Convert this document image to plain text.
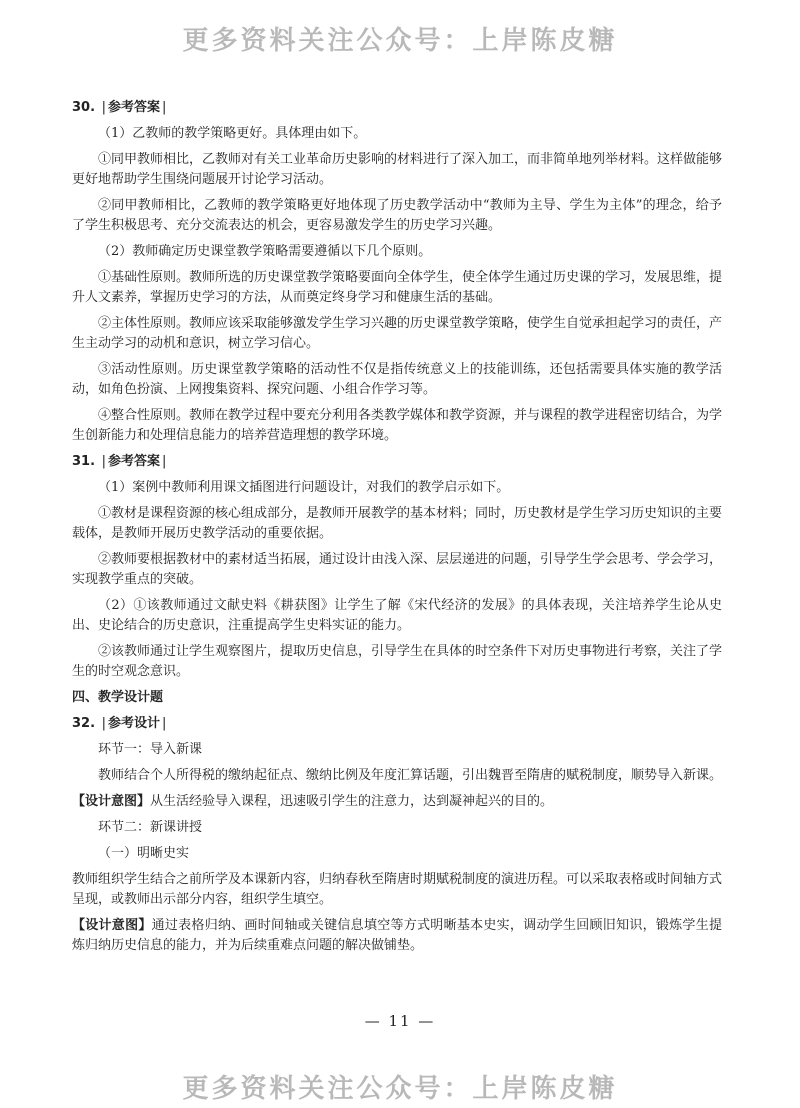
更多资料关注公众号：上岸陈皮糖

30. | 参考答案 |

（1）乙教师的教学策略更好。具体理由如下。

①同甲教师相比，乙教师对有关工业革命历史影响的材料进行了深入加工，而非简单地列举材料。这样做能够更好地帮助学生围绕问题展开讨论学习活动。

②同甲教师相比，乙教师的教学策略更好地体现了历史教学活动中“教师为主导、学生为主体”的理念，给予了学生积极思考、充分交流表达的机会，更容易激发学生的历史学习兴趣。

（2）教师确定历史课堂教学策略需要遵循以下几个原则。

①基础性原则。教师所选的历史课堂教学策略要面向全体学生，使全体学生通过历史课的学习，发展思维，提升人文素养，掌握历史学习的方法，从而奠定终身学习和健康生活的基础。

②主体性原则。教师应该采取能够激发学生学习兴趣的历史课堂教学策略，使学生自觉承担起学习的责任，产生主动学习的动机和意识，树立学习信心。

③活动性原则。历史课堂教学策略的活动性不仅是指传统意义上的技能训练，还包括需要具体实施的教学活动，如角色扮演、上网搜集资料、探究问题、小组合作学习等。

④整合性原则。教师在教学过程中要充分利用各类教学媒体和教学资源，并与课程的教学进程密切结合，为学生创新能力和处理信息能力的培养营造理想的教学环境。

31. | 参考答案 |

（1）案例中教师利用课文插图进行问题设计，对我们的教学启示如下。

①教材是课程资源的核心组成部分，是教师开展教学的基本材料；同时，历史教材是学生学习历史知识的主要载体，是教师开展历史教学活动的重要依据。

②教师要根据教材中的素材适当拓展，通过设计由浅入深、层层递进的问题，引导学生学会思考、学会学习，实现教学重点的突破。

（2）①该教师通过文献史料《耕获图》让学生了解《宋代经济的发展》的具体表现，关注培养学生论从史出、史论结合的历史意识，注重提高学生史料实证的能力。

②该教师通过让学生观察图片，提取历史信息，引导学生在具体的时空条件下对历史事物进行考察，关注了学生的时空观念意识。

四、教学设计题

32. | 参考设计 |

环节一：导入新课

教师结合个人所得税的缴纳起征点、缴纳比例及年度汇算话题，引出魏晋至隋唐的赋税制度，顺势导入新课。

【设计意图】从生活经验导入课程，迅速吸引学生的注意力，达到凝神起兴的目的。

环节二：新课讲授

（一）明晰史实

教师组织学生结合之前所学及本课新内容，归纳春秋至隋唐时期赋税制度的演进历程。可以采取表格或时间轴方式呈现，或教师出示部分内容，组织学生填空。

【设计意图】通过表格归纳、画时间轴或关键信息填空等方式明晰基本史实，调动学生回顾旧知识，锻炼学生提炼归纳历史信息的能力，并为后续重难点问题的解决做铺垫。

— 11 —
更多资料关注公众号：上岸陈皮糖
